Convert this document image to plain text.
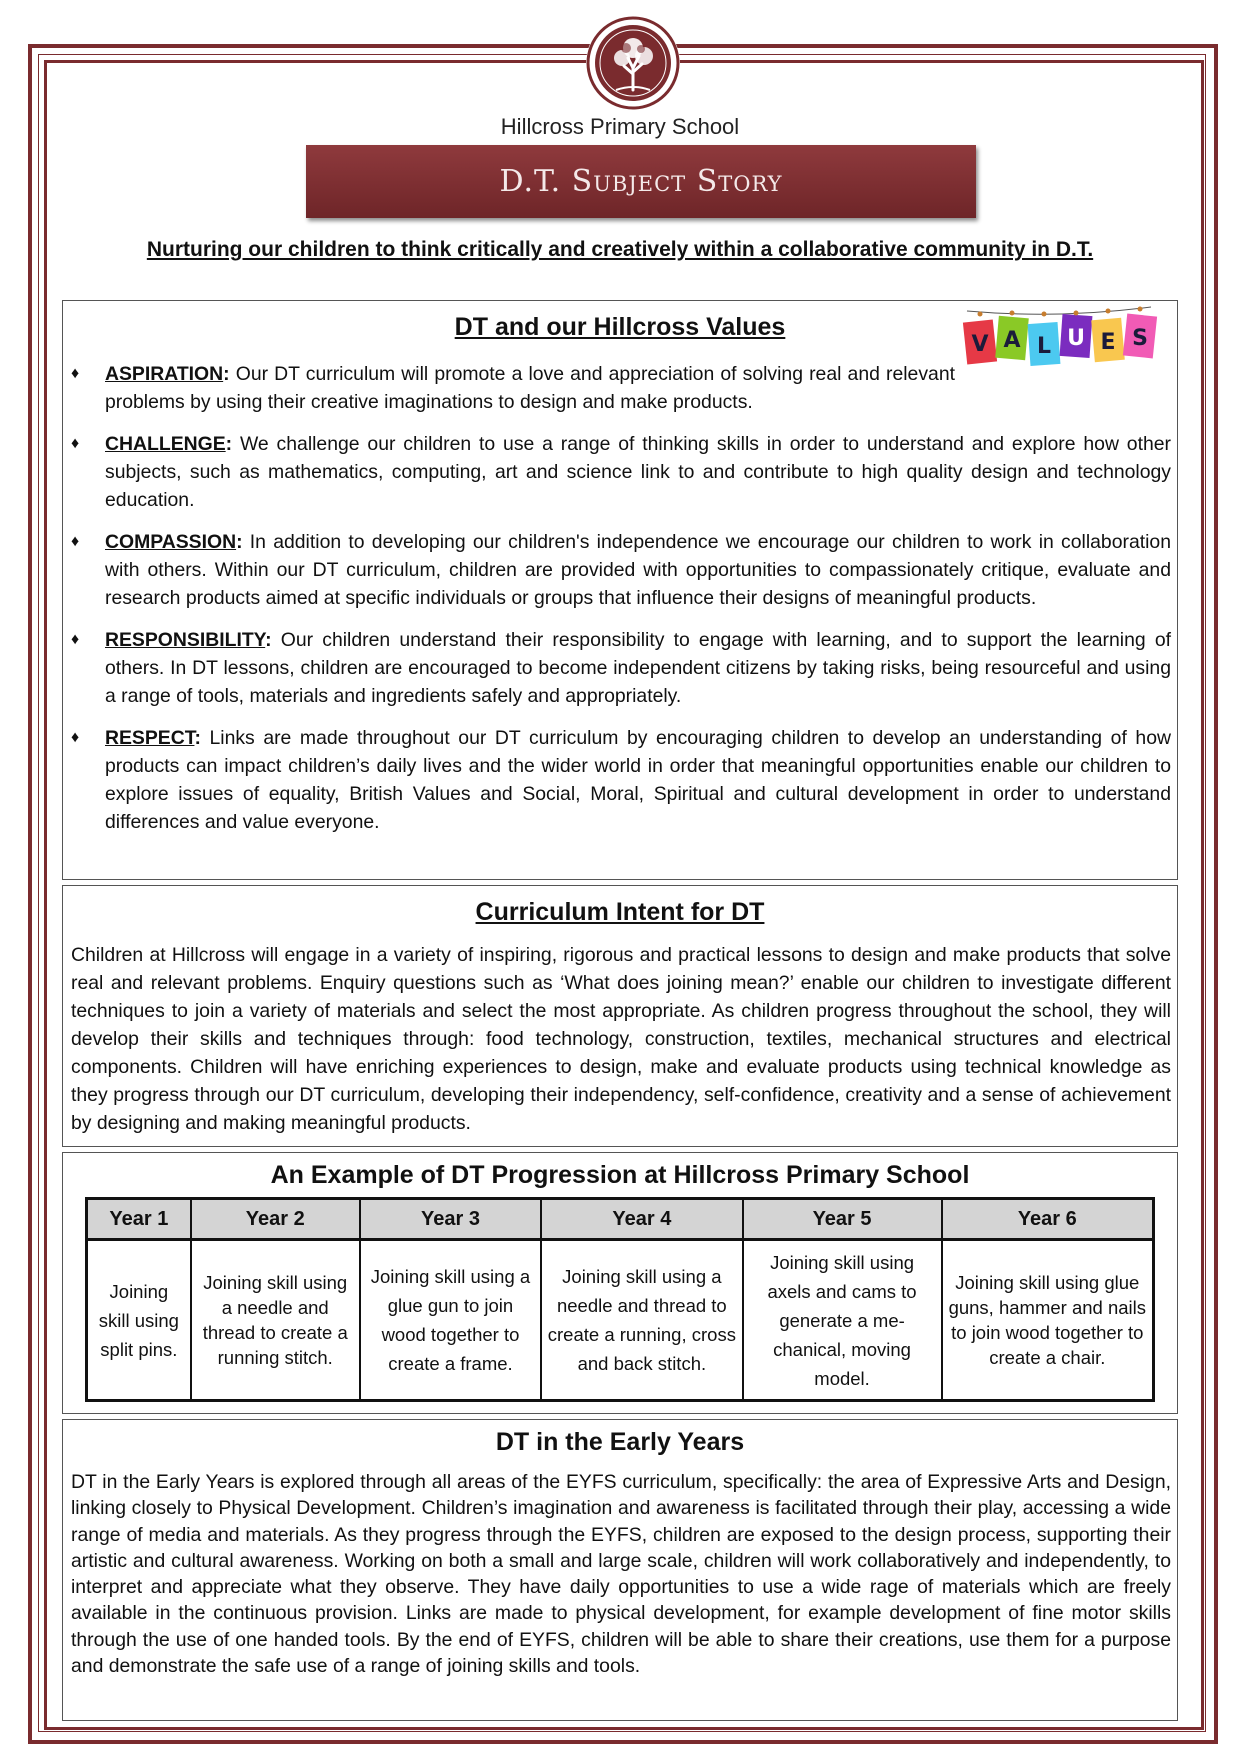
Hillcross Primary School
D.T. Subject Story
Nurturing our children to think critically and creatively within a collaborative community in D.T.
V A L U E S
DT and our Hillcross Values
♦ ASPIRATION: Our DT curriculum will promote a love and appreciation of solving real and relevant problems by using their creative imaginations to design and make products.
♦ CHALLENGE: We challenge our children to use a range of thinking skills in order to understand and explore how other subjects, such as mathematics, computing, art and science link to and contribute to high quality design and technology education.
♦ COMPASSION: In addition to developing our children's independence we encourage our children to work in collaboration with others. Within our DT curriculum, children are provided with opportunities to compassionately critique, evaluate and research products aimed at specific individuals or groups that influence their designs of meaningful products.
♦ RESPONSIBILITY: Our children understand their responsibility to engage with learning, and to support the learning of others. In DT lessons, children are encouraged to become independent citizens by taking risks, being resourceful and using a range of tools, materials and ingredients safely and appropriately.
♦ RESPECT: Links are made throughout our DT curriculum by encouraging children to develop an understanding of how products can impact children’s daily lives and the wider world in order that meaningful opportunities enable our children to explore issues of equality, British Values and Social, Moral, Spiritual and cultural development in order to understand differences and value everyone.
Curriculum Intent for DT

Children at Hillcross will engage in a variety of inspiring, rigorous and practical lessons to design and make products that solve real and relevant problems. Enquiry questions such as ‘What does joining mean?’ enable our children to investigate different techniques to join a variety of materials and select the most appropriate. As children progress throughout the school, they will develop their skills and techniques through: food technology, construction, textiles, mechanical structures and electrical components. Children will have enriching experiences to design, make and evaluate products using technical knowledge as they progress through our DT curriculum, developing their independency, self-confidence, creativity and a sense of achievement by designing and making meaningful products.

An Example of DT Progression at Hillcross Primary School
Year 1	Year 2	Year 3	Year 4	Year 5	Year 6
Joining skill using split pins.	Joining skill using a needle and thread to create a running stitch.	Joining skill using a glue gun to join wood together to create a frame.	Joining skill using a needle and thread to create a running, cross and back stitch.	Joining skill using axels and cams to generate a me-chanical, moving model.	Joining skill using glue guns, hammer and nails to join wood together to create a chair.
DT in the Early Years

DT in the Early Years is explored through all areas of the EYFS curriculum, specifically: the area of Expressive Arts and Design, linking closely to Physical Development. Children’s imagination and awareness is facilitated through their play, accessing a wide range of media and materials. As they progress through the EYFS, children are exposed to the design process, supporting their artistic and cultural awareness. Working on both a small and large scale, children will work collaboratively and independently, to interpret and appreciate what they observe. They have daily opportunities to use a wide rage of materials which are freely available in the continuous provision. Links are made to physical development, for example development of fine motor skills through the use of one handed tools. By the end of EYFS, children will be able to share their creations, use them for a purpose and demonstrate the safe use of a range of joining skills and tools.
